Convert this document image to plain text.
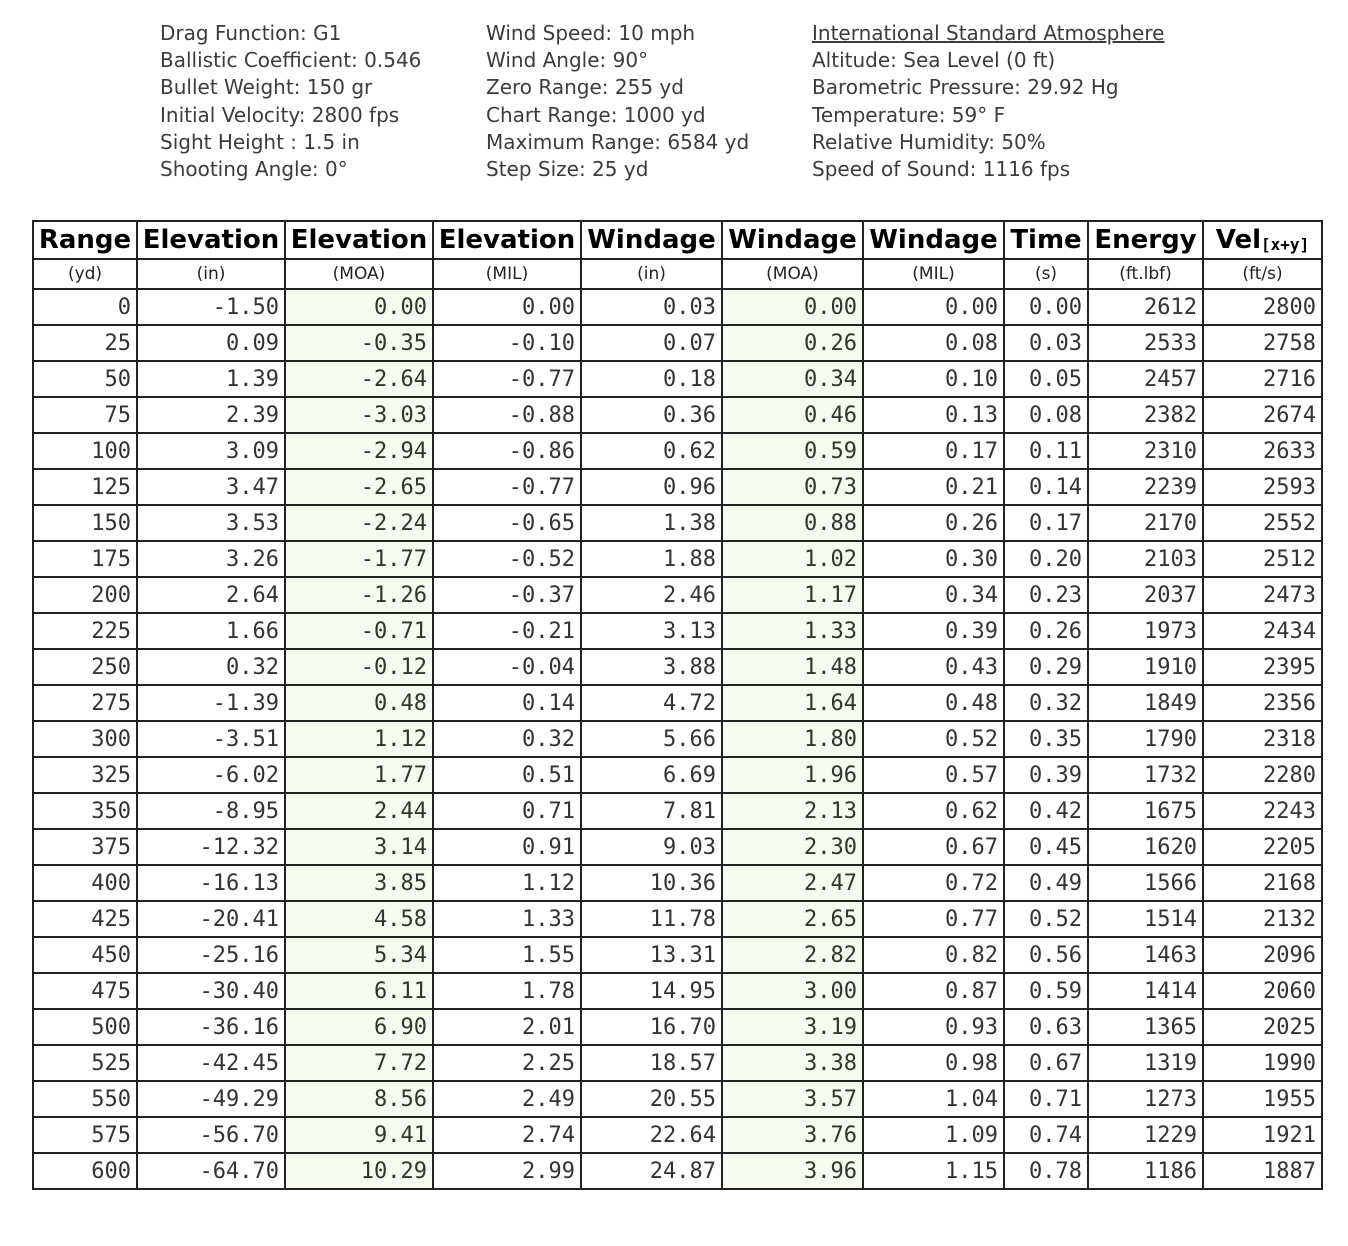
Drag Function: G1
Ballistic Coefficient: 0.546
Bullet Weight: 150 gr
Initial Velocity: 2800 fps
Sight Height : 1.5 in
Shooting Angle: 0°
Wind Speed: 10 mph
Wind Angle: 90°
Zero Range: 255 yd
Chart Range: 1000 yd
Maximum Range: 6584 yd
Step Size: 25 yd
International Standard Atmosphere
Altitude: Sea Level (0 ft)
Barometric Pressure: 29.92 Hg
Temperature: 59° F
Relative Humidity: 50%
Speed of Sound: 1116 fps
Range	Elevation	Elevation	Elevation	Windage	Windage	Windage	Time	Energy	Vel$_{[x+y]}$
(yd)	(in)	(MOA)	(MIL)	(in)	(MOA)	(MIL)	(s)	(ft.lbf)	(ft/s)
0	-1.50	0.00	0.00	0.03	0.00	0.00	0.00	2612	2800
25	0.09	-0.35	-0.10	0.07	0.26	0.08	0.03	2533	2758
50	1.39	-2.64	-0.77	0.18	0.34	0.10	0.05	2457	2716
75	2.39	-3.03	-0.88	0.36	0.46	0.13	0.08	2382	2674
100	3.09	-2.94	-0.86	0.62	0.59	0.17	0.11	2310	2633
125	3.47	-2.65	-0.77	0.96	0.73	0.21	0.14	2239	2593
150	3.53	-2.24	-0.65	1.38	0.88	0.26	0.17	2170	2552
175	3.26	-1.77	-0.52	1.88	1.02	0.30	0.20	2103	2512
200	2.64	-1.26	-0.37	2.46	1.17	0.34	0.23	2037	2473
225	1.66	-0.71	-0.21	3.13	1.33	0.39	0.26	1973	2434
250	0.32	-0.12	-0.04	3.88	1.48	0.43	0.29	1910	2395
275	-1.39	0.48	0.14	4.72	1.64	0.48	0.32	1849	2356
300	-3.51	1.12	0.32	5.66	1.80	0.52	0.35	1790	2318
325	-6.02	1.77	0.51	6.69	1.96	0.57	0.39	1732	2280
350	-8.95	2.44	0.71	7.81	2.13	0.62	0.42	1675	2243
375	-12.32	3.14	0.91	9.03	2.30	0.67	0.45	1620	2205
400	-16.13	3.85	1.12	10.36	2.47	0.72	0.49	1566	2168
425	-20.41	4.58	1.33	11.78	2.65	0.77	0.52	1514	2132
450	-25.16	5.34	1.55	13.31	2.82	0.82	0.56	1463	2096
475	-30.40	6.11	1.78	14.95	3.00	0.87	0.59	1414	2060
500	-36.16	6.90	2.01	16.70	3.19	0.93	0.63	1365	2025
525	-42.45	7.72	2.25	18.57	3.38	0.98	0.67	1319	1990
550	-49.29	8.56	2.49	20.55	3.57	1.04	0.71	1273	1955
575	-56.70	9.41	2.74	22.64	3.76	1.09	0.74	1229	1921
600	-64.70	10.29	2.99	24.87	3.96	1.15	0.78	1186	1887
